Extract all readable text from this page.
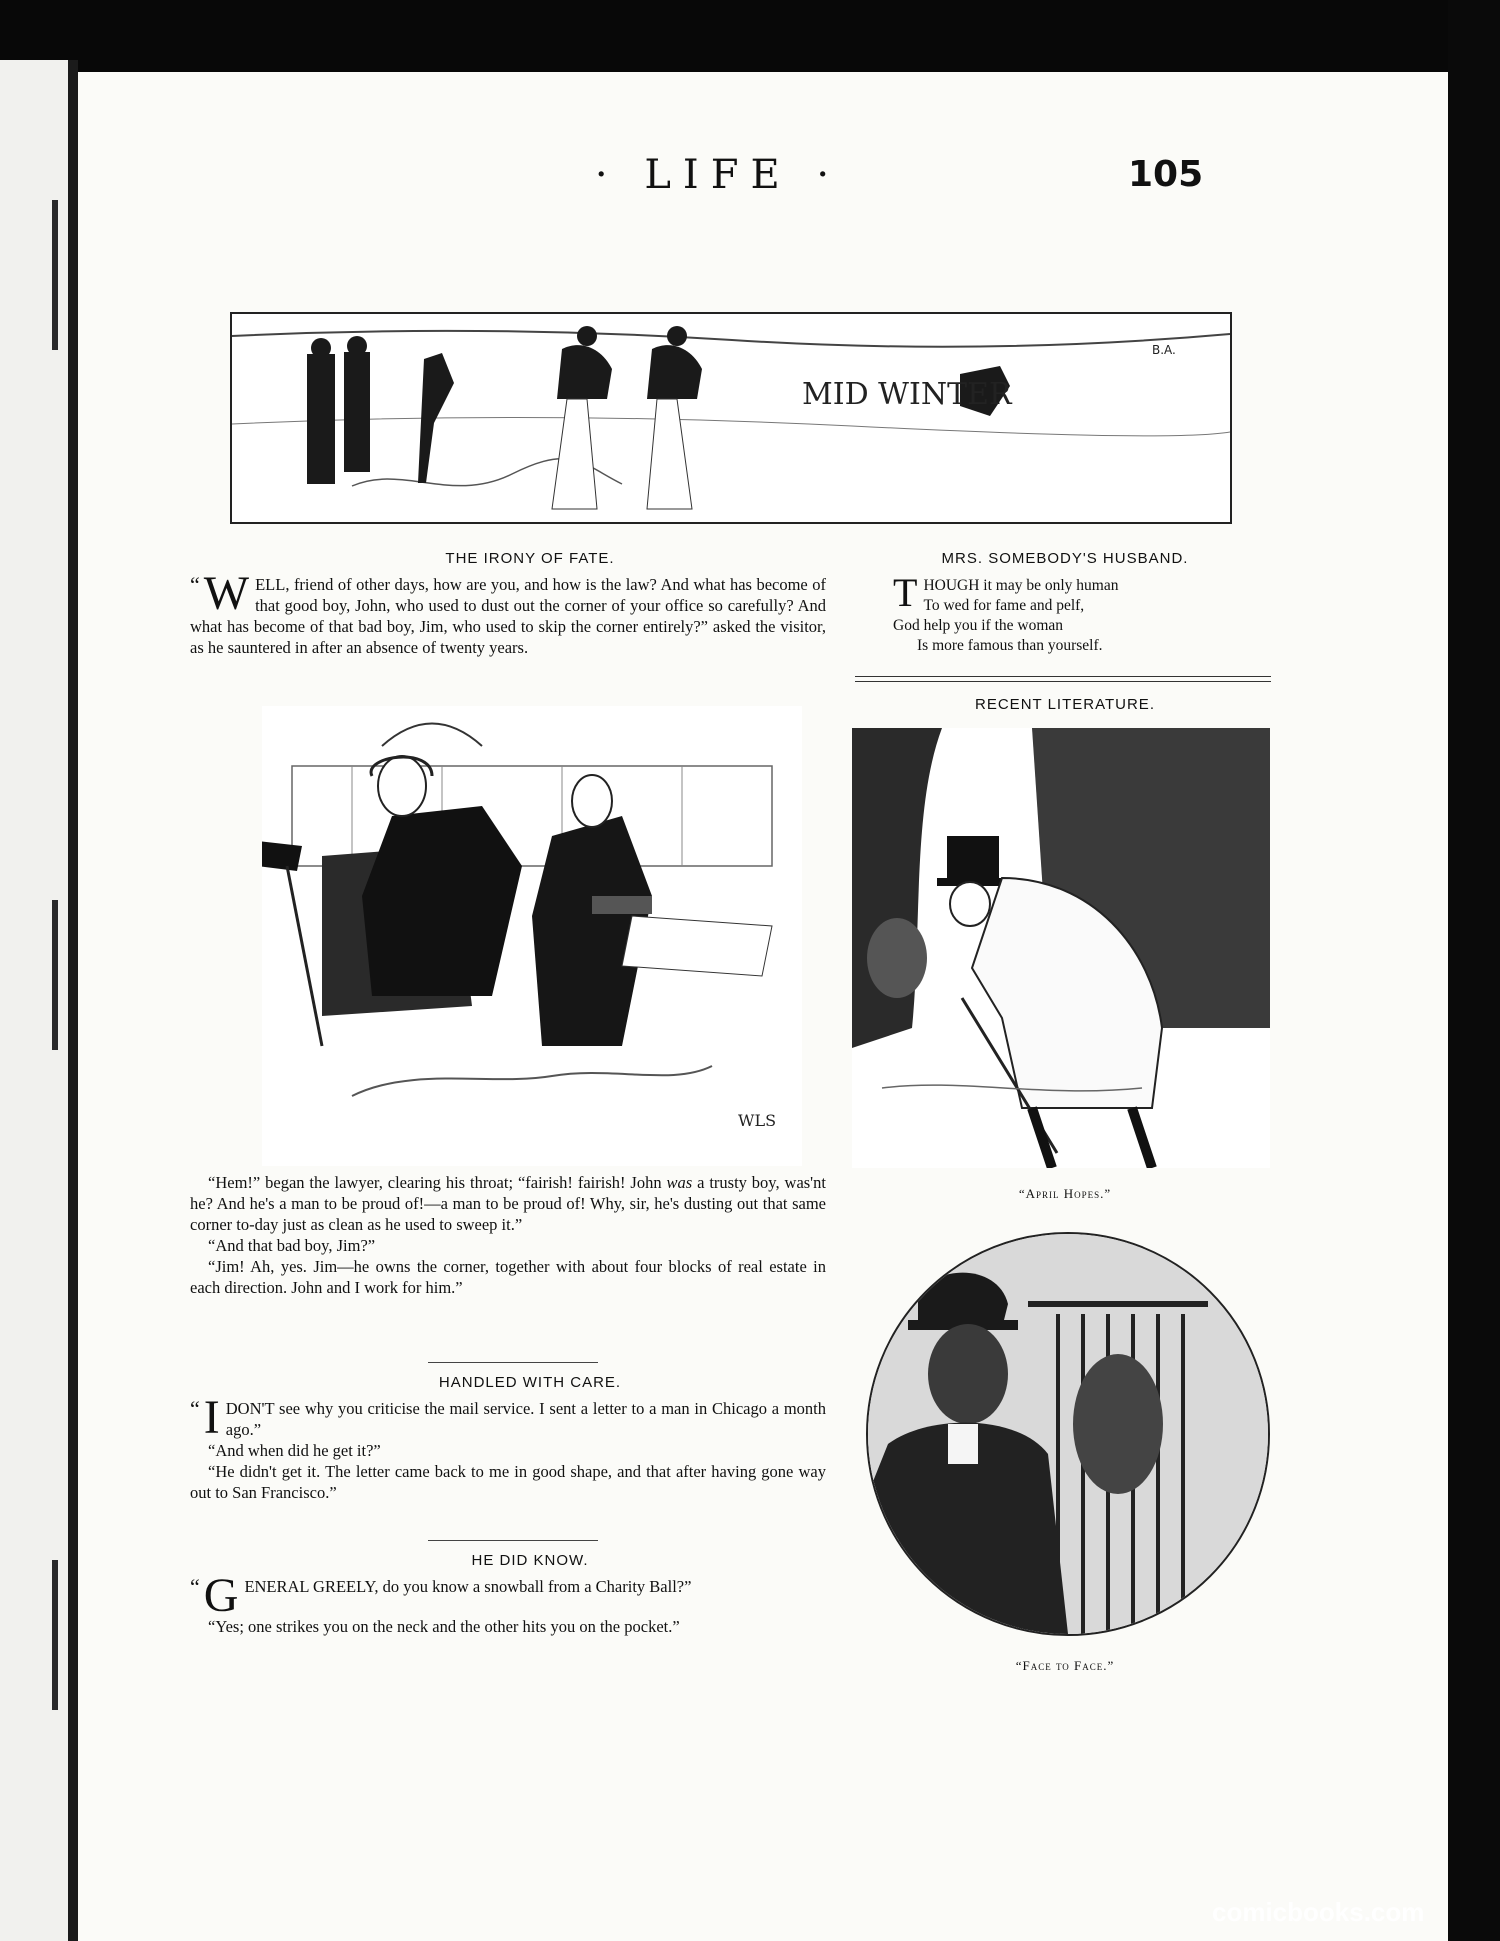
· LIFE ·	105
MID WINTER
B.A.
THE IRONY OF FATE.
“ W ELL, friend of other days, how are you, and how is the law? And what has become of that good boy, John, who used to dust out the corner of your office so carefully? And what has become of that bad boy, Jim, who used to skip the corner entirely?” asked the visitor, as he sauntered in after an absence of twenty years.
WLS

“Hem!” began the lawyer, clearing his throat; “fairish! fairish! John was a trusty boy, was'nt he? And he's a man to be proud of!—a man to be proud of! Why, sir, he's dusting out that same corner to-day just as clean as he used to sweep it.”

“And that bad boy, Jim?”

“Jim! Ah, yes. Jim—he owns the corner, together with about four blocks of real estate in each direction. John and I work for him.”

HANDLED WITH CARE.

“ I DON'T see why you criticise the mail service. I sent a letter to a man in Chicago a month ago.”

“And when did he get it?”

“He didn't get it. The letter came back to me in good shape, and that after having gone way out to San Francisco.”

HE DID KNOW.

“ G ENERAL GREELY, do you know a snowball from a Charity Ball?”

“Yes; one strikes you on the neck and the other hits you on the pocket.”

MRS. SOMEBODY'S HUSBAND.

THOUGH it may be only human

To wed for fame and pelf,

God help you if the woman

Is more famous than yourself.

RECENT LITERATURE.
“April Hopes.”
“Face to Face.”
comicbooks.com
